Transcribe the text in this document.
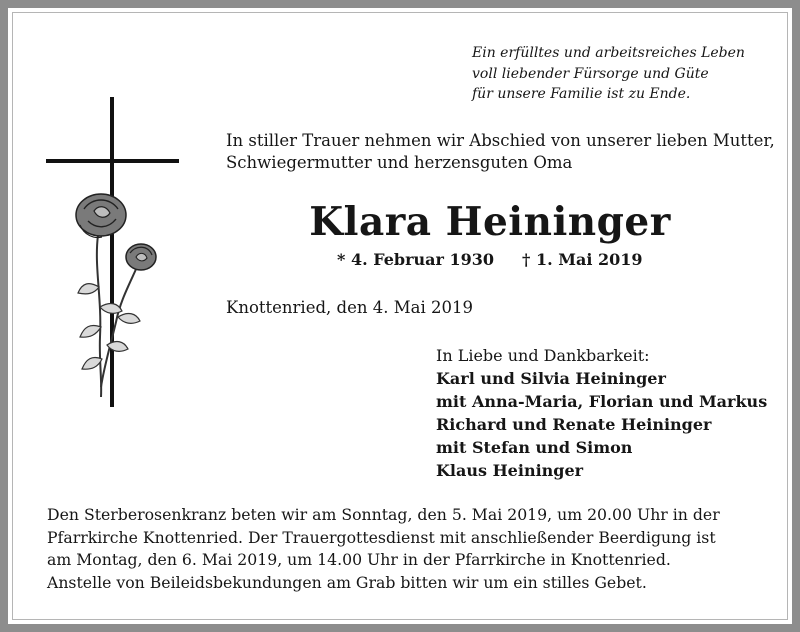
Ein erfülltes und arbeitsreiches Leben
voll liebender Fürsorge und Güte
für unsere Familie ist zu Ende.
In stiller Trauer nehmen wir Abschied von unserer lieben Mutter,
Schwiegermutter und herzensguten Oma
Klara Heininger
* 4. Februar 1930 † 1. Mai 2019
Knottenried, den 4. Mai 2019
In Liebe und Dankbarkeit:
Karl und Silvia Heininger
mit Anna-Maria, Florian und Markus
Richard und Renate Heininger
mit Stefan und Simon
Klaus Heininger
Den Sterberosenkranz beten wir am Sonntag, den 5. Mai 2019, um 20.00 Uhr in der
Pfarrkirche Knottenried. Der Trauergottesdienst mit anschließender Beerdigung ist
am Montag, den 6. Mai 2019, um 14.00 Uhr in der Pfarrkirche in Knottenried.
Anstelle von Beileidsbekundungen am Grab bitten wir um ein stilles Gebet.
